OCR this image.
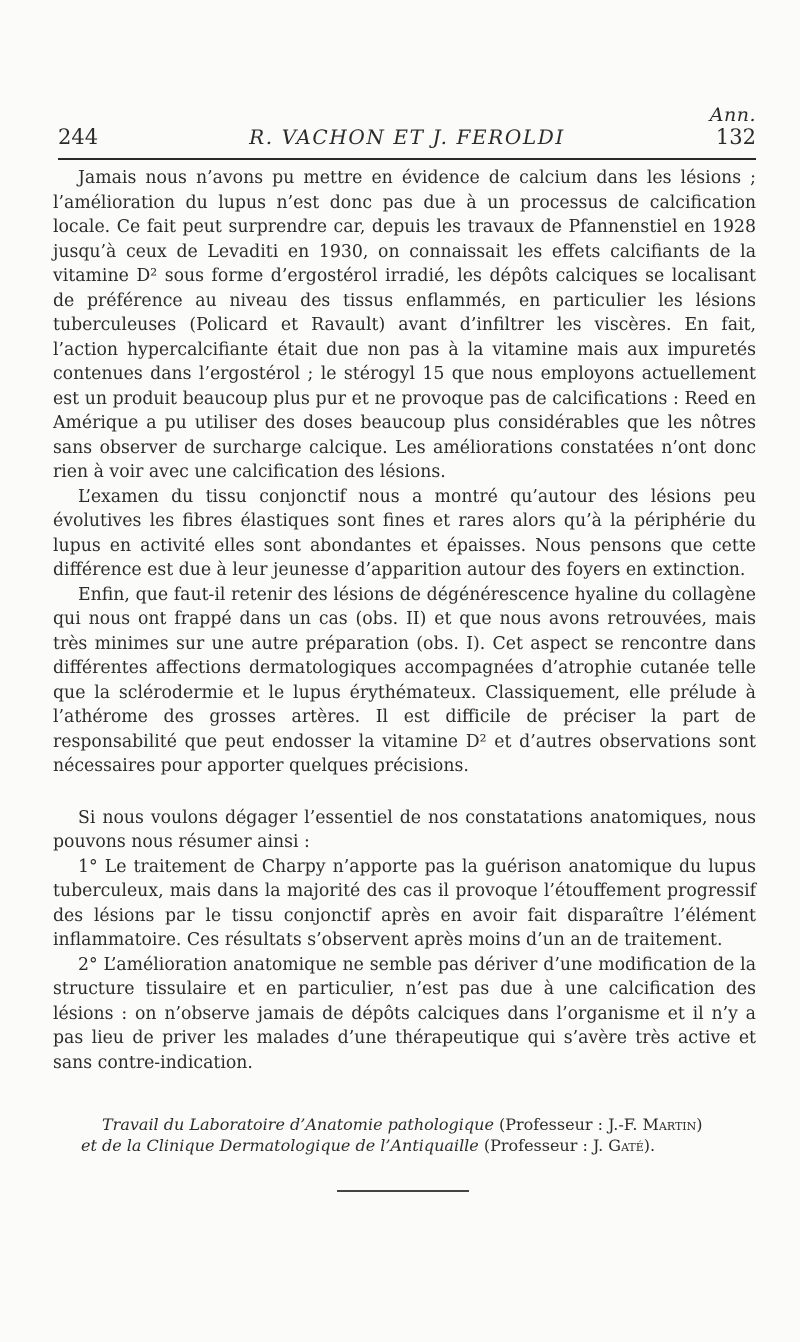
Ann.
244	R. VACHON ET J. FEROLDI	132

Jamais nous n’avons pu mettre en évidence de calcium dans les lésions ; l’amélioration du lupus n’est donc pas due à un processus de calcification locale. Ce fait peut surprendre car, depuis les travaux de Pfannenstiel en 1928 jusqu’à ceux de Levaditi en 1930, on connaissait les effets calcifiants de la vitamine D² sous forme d’ergostérol irradié, les dépôts calciques se localisant de préférence au niveau des tissus enflammés, en particulier les lésions tuberculeuses (Policard et Ravault) avant d’infiltrer les viscères. En fait, l’action hypercalcifiante était due non pas à la vitamine mais aux impuretés contenues dans l’ergostérol ; le stérogyl 15 que nous employons actuellement est un produit beaucoup plus pur et ne provoque pas de calcifications : Reed en Amérique a pu utiliser des doses beaucoup plus considérables que les nôtres sans observer de surcharge calcique. Les améliorations constatées n’ont donc rien à voir avec une calcification des lésions.

L’examen du tissu conjonctif nous a montré qu’autour des lésions peu évolutives les fibres élastiques sont fines et rares alors qu’à la périphérie du lupus en activité elles sont abondantes et épaisses. Nous pensons que cette différence est due à leur jeunesse d’apparition autour des foyers en extinction.

Enfin, que faut-il retenir des lésions de dégénérescence hyaline du collagène qui nous ont frappé dans un cas (obs. II) et que nous avons retrouvées, mais très minimes sur une autre préparation (obs. I). Cet aspect se rencontre dans différentes affections dermatologiques accompagnées d’atrophie cutanée telle que la sclérodermie et le lupus érythémateux. Classiquement, elle prélude à l’athérome des grosses artères. Il est difficile de préciser la part de responsabilité que peut endosser la vitamine D² et d’autres observations sont nécessaires pour apporter quelques précisions.

Si nous voulons dégager l’essentiel de nos constatations anatomiques, nous pouvons nous résumer ainsi :

1° Le traitement de Charpy n’apporte pas la guérison anatomique du lupus tuberculeux, mais dans la majorité des cas il provoque l’étouffement progressif des lésions par le tissu conjonctif après en avoir fait disparaître l’élément inflammatoire. Ces résultats s’observent après moins d’un an de traitement.

2° L’amélioration anatomique ne semble pas dériver d’une modification de la structure tissulaire et en particulier, n’est pas due à une calcification des lésions : on n’observe jamais de dépôts calciques dans l’organisme et il n’y a pas lieu de priver les malades d’une thérapeutique qui s’avère très active et sans contre-indication.

Travail du Laboratoire d’Anatomie pathologique (Professeur : J.-F. Martin)
et de la Clinique Dermatologique de l’Antiquaille (Professeur : J. Gaté).
